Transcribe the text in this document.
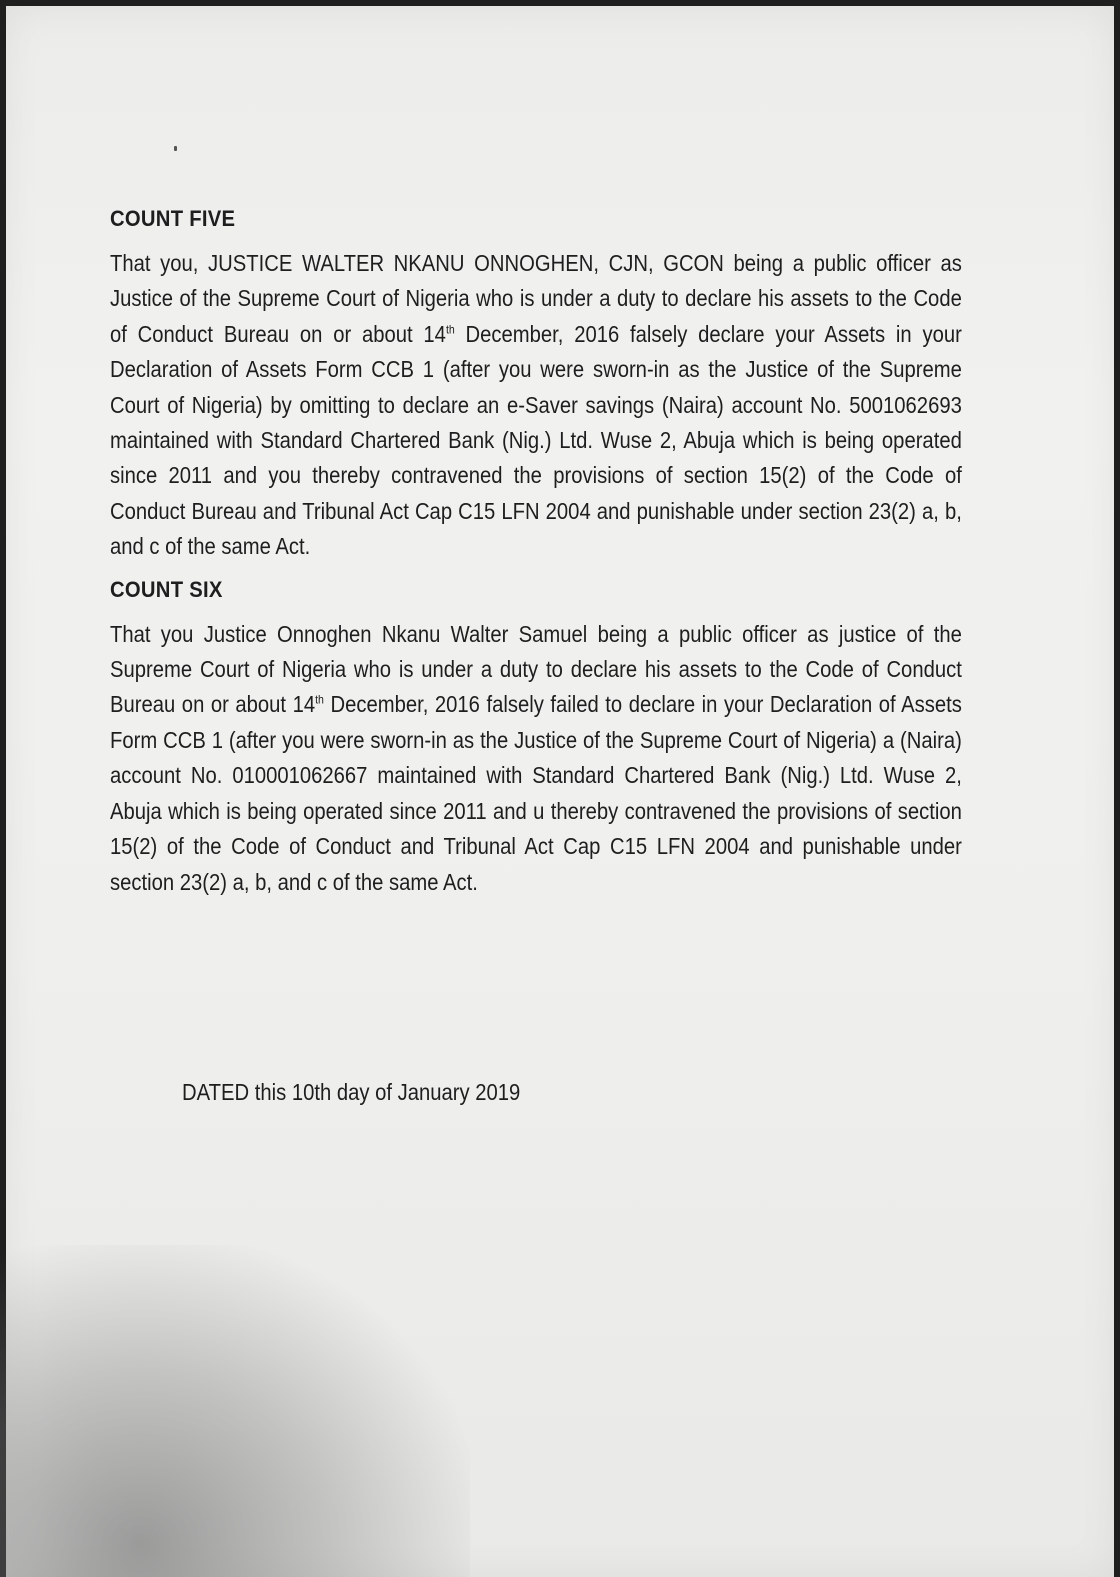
COUNT FIVE

That you, JUSTICE WALTER NKANU ONNOGHEN, CJN, GCON being a public officer as Justice of the Supreme Court of Nigeria who is under a duty to declare his assets to the Code of Conduct Bureau on or about 14th December, 2016 falsely declare your Assets in your Declaration of Assets Form CCB 1 (after you were sworn-in as the Justice of the Supreme Court of Nigeria) by omitting to declare an e-Saver savings (Naira) account No. 5001062693 maintained with Standard Chartered Bank (Nig.) Ltd. Wuse 2, Abuja which is being operated since 2011 and you thereby contravened the provisions of section 15(2) of the Code of Conduct Bureau and Tribunal Act Cap C15 LFN 2004 and punishable under section 23(2) a, b, and c of the same Act.

COUNT SIX

That you Justice Onnoghen Nkanu Walter Samuel being a public officer as justice of the Supreme Court of Nigeria who is under a duty to declare his assets to the Code of Conduct Bureau on or about 14th December, 2016 falsely failed to declare in your Declaration of Assets Form CCB 1 (after you were sworn-in as the Justice of the Supreme Court of Nigeria) a (Naira) account No. 010001062667 maintained with Standard Chartered Bank (Nig.) Ltd. Wuse 2, Abuja which is being operated since 2011 and u thereby contravened the provisions of section 15(2) of the Code of Conduct and Tribunal Act Cap C15 LFN 2004 and punishable under section 23(2) a, b, and c of the same Act.

DATED this 10th day of January 2019
